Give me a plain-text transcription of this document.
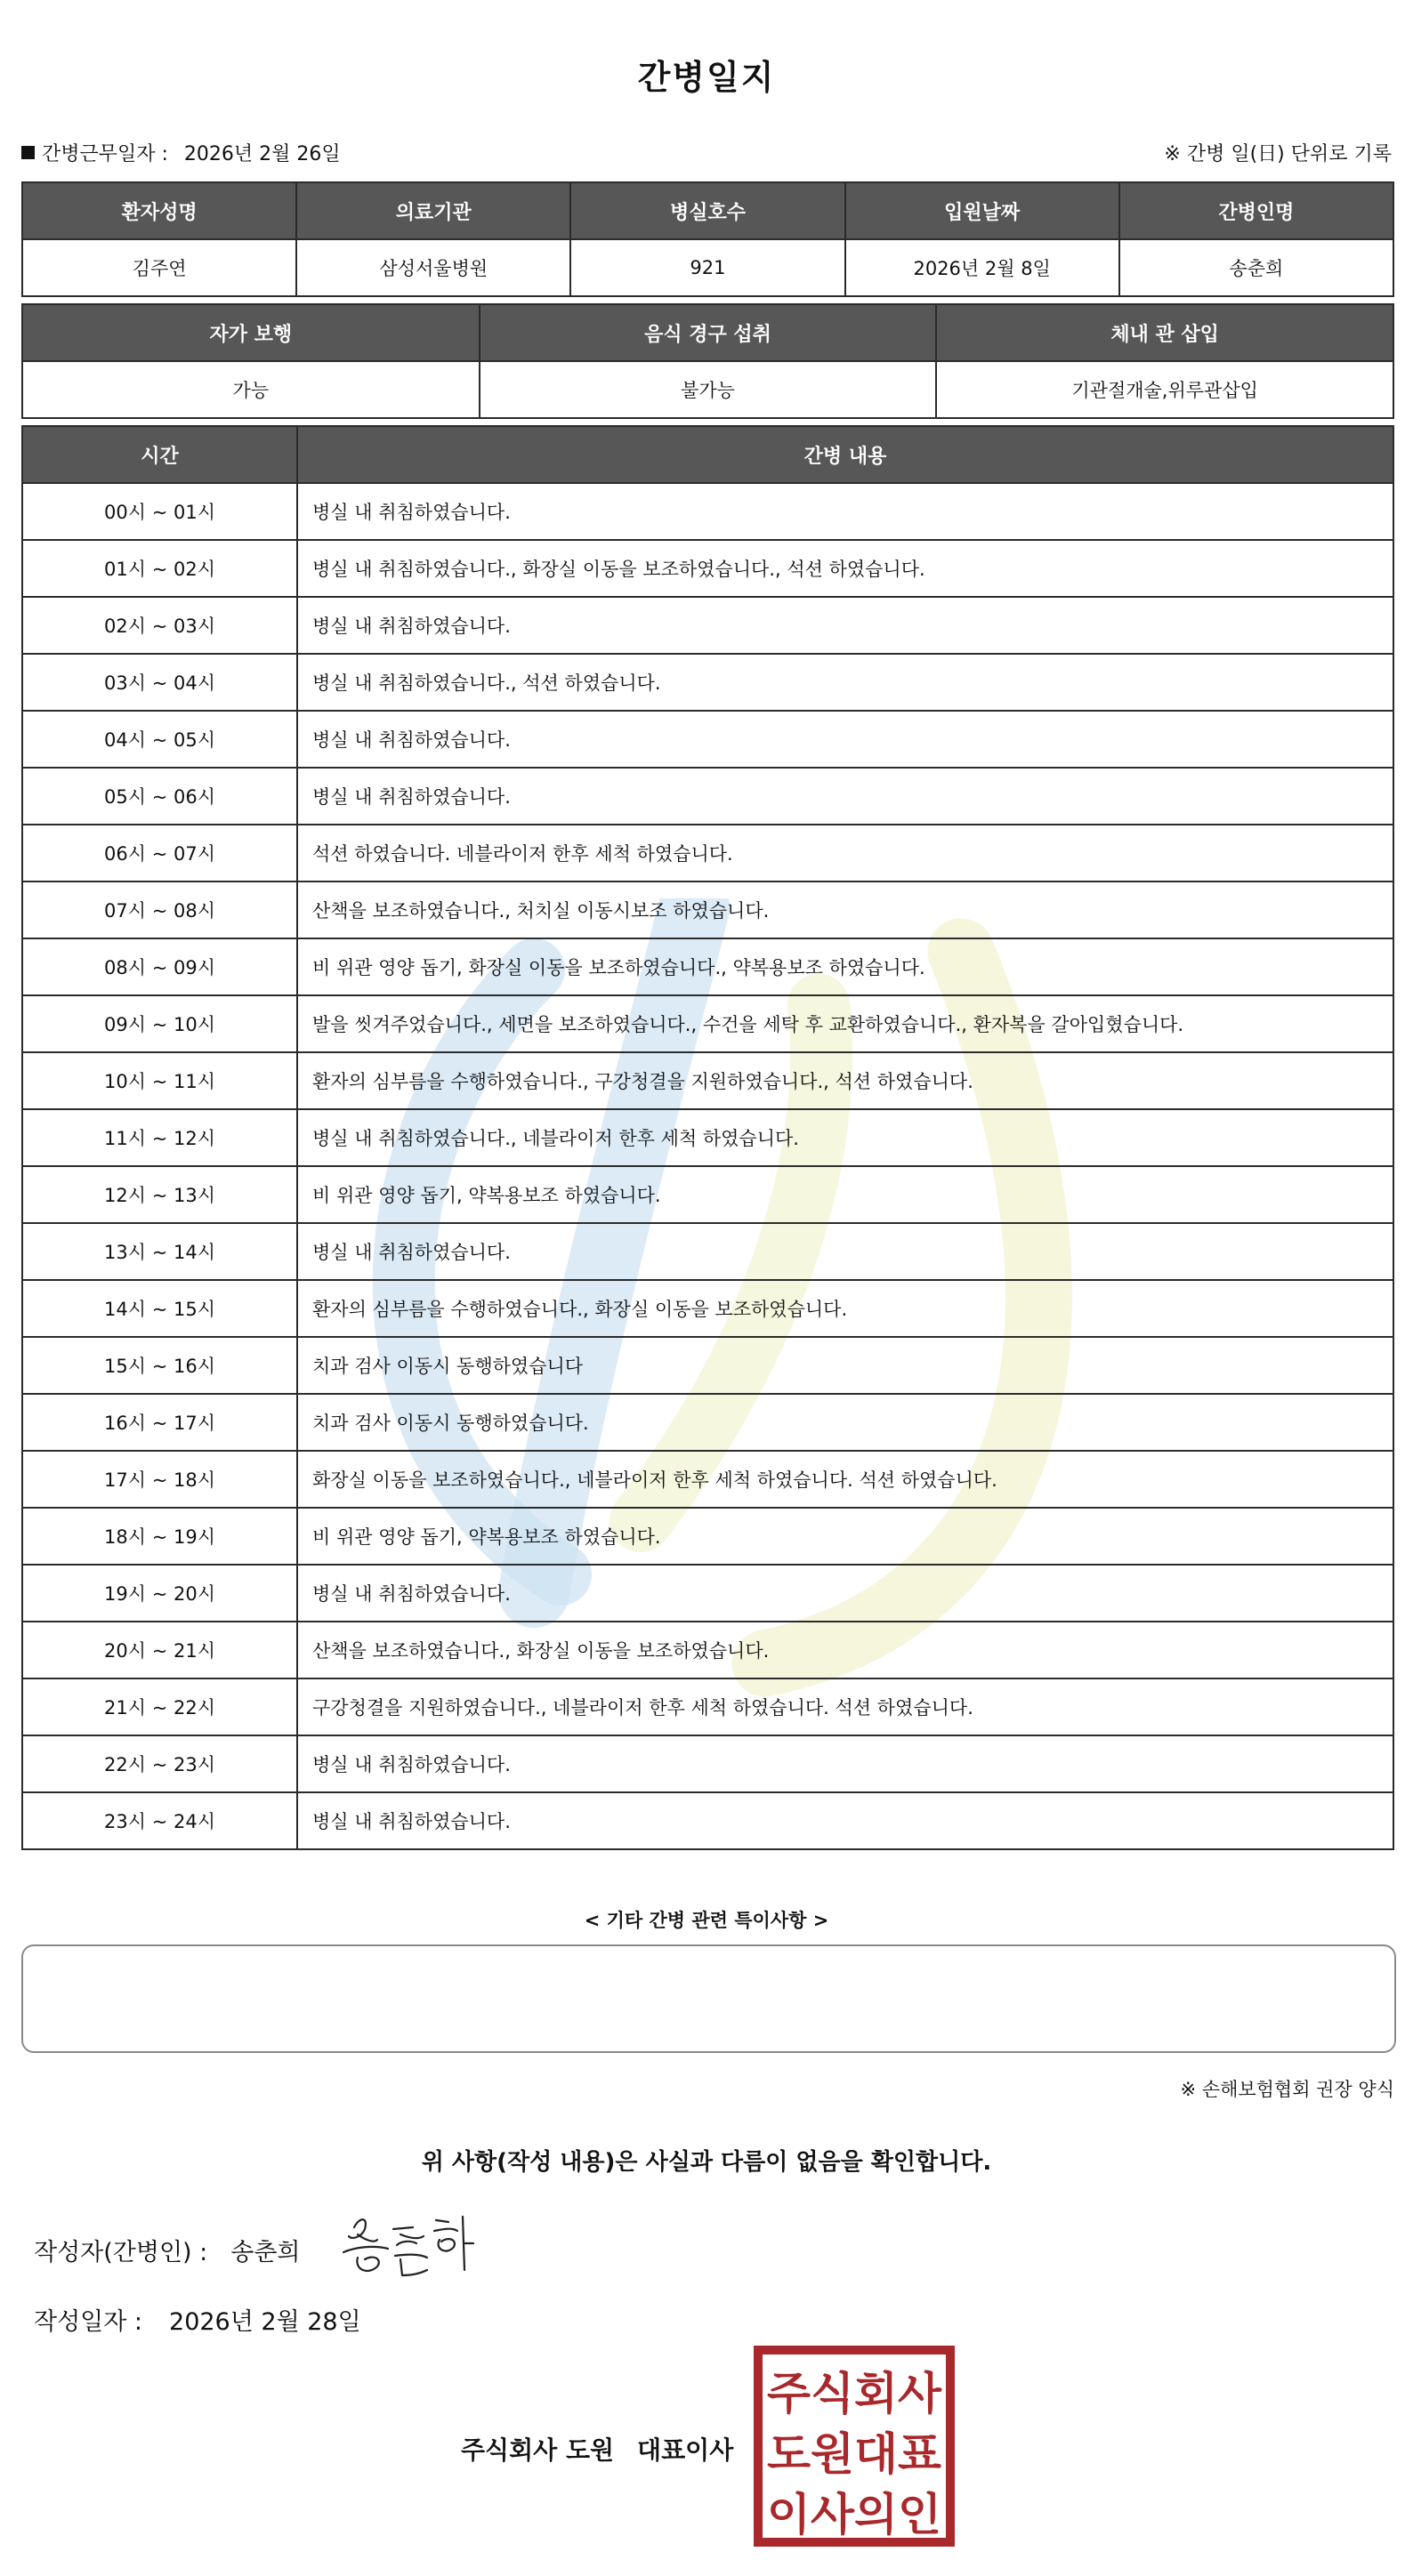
간병일지
간병근무일자 : 2026년 2월 26일	※ 간병 일(日) 단위로 기록
환자성명	의료기관	병실호수	입원날짜	간병인명
김주연	삼성서울병원	921	2026년 2월 8일	송춘희
자가 보행	음식 경구 섭취	체내 관 삽입
가능	불가능	기관절개술,위루관삽입
시간	간병 내용
00시 ~ 01시	병실 내 취침하였습니다.
01시 ~ 02시	병실 내 취침하였습니다., 화장실 이동을 보조하였습니다., 석션 하였습니다.
02시 ~ 03시	병실 내 취침하였습니다.
03시 ~ 04시	병실 내 취침하였습니다., 석션 하였습니다.
04시 ~ 05시	병실 내 취침하였습니다.
05시 ~ 06시	병실 내 취침하였습니다.
06시 ~ 07시	석션 하였습니다. 네블라이저 한후 세척 하였습니다.
07시 ~ 08시	산책을 보조하였습니다., 처치실 이동시보조 하였습니다.
08시 ~ 09시	비 위관 영양 돕기, 화장실 이동을 보조하였습니다., 약복용보조 하였습니다.
09시 ~ 10시	발을 씻겨주었습니다., 세면을 보조하였습니다., 수건을 세탁 후 교환하였습니다., 환자복을 갈아입혔습니다.
10시 ~ 11시	환자의 심부름을 수행하였습니다., 구강청결을 지원하였습니다., 석션 하였습니다.
11시 ~ 12시	병실 내 취침하였습니다., 네블라이저 한후 세척 하였습니다.
12시 ~ 13시	비 위관 영양 돕기, 약복용보조 하였습니다.
13시 ~ 14시	병실 내 취침하였습니다.
14시 ~ 15시	환자의 심부름을 수행하였습니다., 화장실 이동을 보조하였습니다.
15시 ~ 16시	치과 검사 이동시 동행하였습니다
16시 ~ 17시	치과 검사 이동시 동행하였습니다.
17시 ~ 18시	화장실 이동을 보조하였습니다., 네블라이저 한후 세척 하였습니다. 석션 하였습니다.
18시 ~ 19시	비 위관 영양 돕기, 약복용보조 하였습니다.
19시 ~ 20시	병실 내 취침하였습니다.
20시 ~ 21시	산책을 보조하였습니다., 화장실 이동을 보조하였습니다.
21시 ~ 22시	구강청결을 지원하였습니다., 네블라이저 한후 세척 하였습니다. 석션 하였습니다.
22시 ~ 23시	병실 내 취침하였습니다.
23시 ~ 24시	병실 내 취침하였습니다.
< 기타 간병 관련 특이사항 >
※ 손해보험협회 권장 양식
위 사항(작성 내용)은 사실과 다름이 없음을 확인합니다.
작성자(간병인) : 송춘희
작성일자 : 2026년 2월 28일
주식회사 도원 대표이사
주식회사
도원대표
이사의인
